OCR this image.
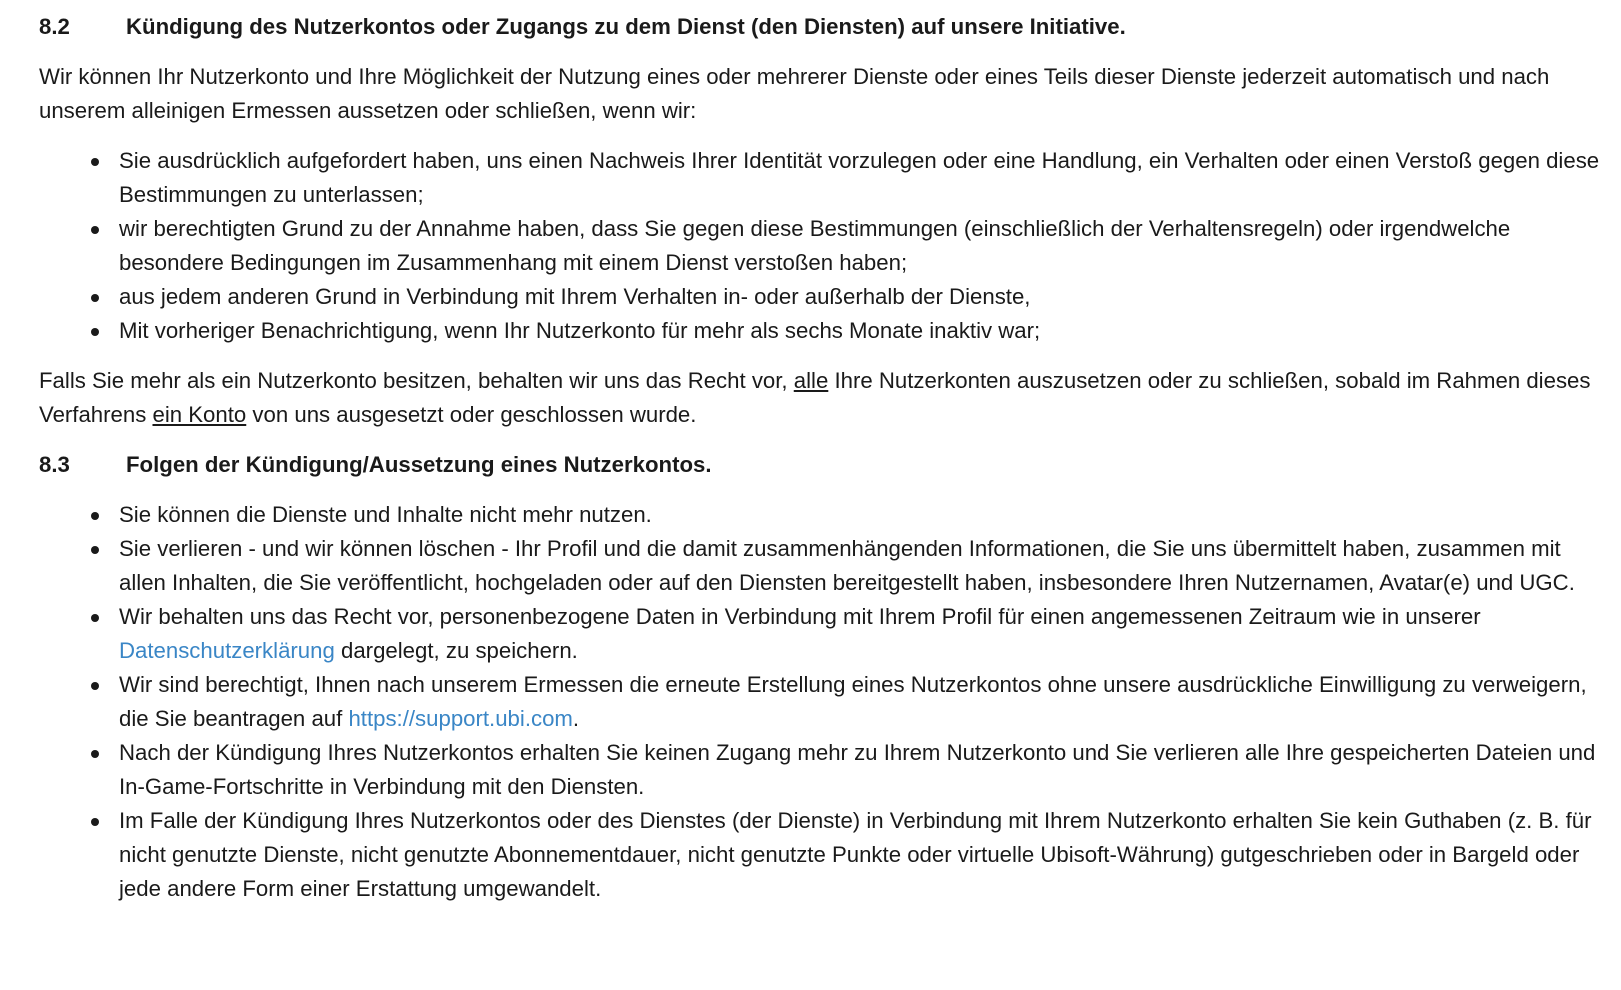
8.2	Kündigung des Nutzerkontos oder Zugangs zu dem Dienst (den Diensten) auf unsere Initiative.

Wir können Ihr Nutzerkonto und Ihre Möglichkeit der Nutzung eines oder mehrerer Dienste oder eines Teils dieser Dienste jederzeit automatisch und nach unserem alleinigen Ermessen aussetzen oder schließen, wenn wir:

Sie ausdrücklich aufgefordert haben, uns einen Nachweis Ihrer Identität vorzulegen oder eine Handlung, ein Verhalten oder einen Verstoß gegen diese Bestimmungen zu unterlassen;
wir berechtigten Grund zu der Annahme haben, dass Sie gegen diese Bestimmungen (einschließlich der Verhaltensregeln) oder irgendwelche besondere Bedingungen im Zusammenhang mit einem Dienst verstoßen haben;
aus jedem anderen Grund in Verbindung mit Ihrem Verhalten in- oder außerhalb der Dienste,
Mit vorheriger Benachrichtigung, wenn Ihr Nutzerkonto für mehr als sechs Monate inaktiv war;

Falls Sie mehr als ein Nutzerkonto besitzen, behalten wir uns das Recht vor, alle Ihre Nutzerkonten auszusetzen oder zu schließen, sobald im Rahmen dieses Verfahrens ein Konto von uns ausgesetzt oder geschlossen wurde.

8.3	Folgen der Kündigung/Aussetzung eines Nutzerkontos.
Sie können die Dienste und Inhalte nicht mehr nutzen.
Sie verlieren - und wir können löschen - Ihr Profil und die damit zusammenhängenden Informationen, die Sie uns übermittelt haben, zusammen mit allen Inhalten, die Sie veröffentlicht, hochgeladen oder auf den Diensten bereitgestellt haben, insbesondere Ihren Nutzernamen, Avatar(e) und UGC.
Wir behalten uns das Recht vor, personenbezogene Daten in Verbindung mit Ihrem Profil für einen angemessenen Zeitraum wie in unserer Datenschutzerklärung dargelegt, zu speichern.
Wir sind berechtigt, Ihnen nach unserem Ermessen die erneute Erstellung eines Nutzerkontos ohne unsere ausdrückliche Einwilligung zu verweigern, die Sie beantragen auf https://support.ubi.com.
Nach der Kündigung Ihres Nutzerkontos erhalten Sie keinen Zugang mehr zu Ihrem Nutzerkonto und Sie verlieren alle Ihre gespeicherten Dateien und In-Game-Fortschritte in Verbindung mit den Diensten.
Im Falle der Kündigung Ihres Nutzerkontos oder des Dienstes (der Dienste) in Verbindung mit Ihrem Nutzerkonto erhalten Sie kein Guthaben (z. B. für nicht genutzte Dienste, nicht genutzte Abonnementdauer, nicht genutzte Punkte oder virtuelle Ubisoft-Währung) gutgeschrieben oder in Bargeld oder jede andere Form einer Erstattung umgewandelt.
